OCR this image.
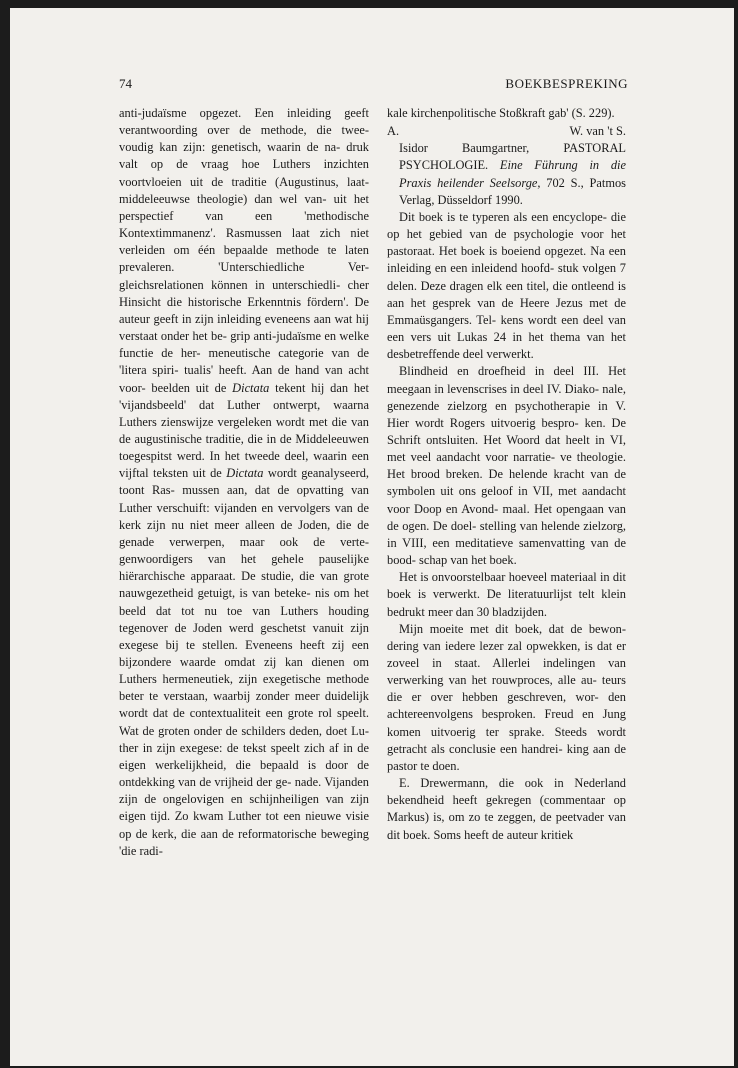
74	BOEKBESPREKING

anti-judaïsme opgezet. Een inleiding geeft verantwoording over de methode, die twee- voudig kan zijn: genetisch, waarin de na- druk valt op de vraag hoe Luthers inzichten voortvloeien uit de traditie (Augustinus, laat-middeleeuwse theologie) dan wel van- uit het perspectief van een 'methodische Kontextimmanenz'. Rasmussen laat zich niet verleiden om één bepaalde methode te laten prevaleren. 'Unterschiedliche Ver- gleichsrelationen können in unterschiedli- cher Hinsicht die historische Erkenntnis fördern'. De auteur geeft in zijn inleiding eveneens aan wat hij verstaat onder het be- grip anti-judaïsme en welke functie de her- meneutische categorie van de 'litera spiri- tualis' heeft. Aan de hand van acht voor- beelden uit de Dictata tekent hij dan het 'vijandsbeeld' dat Luther ontwerpt, waarna Luthers zienswijze vergeleken wordt met die van de augustinische traditie, die in de Middeleeuwen toegespitst werd. In het tweede deel, waarin een vijftal teksten uit de Dictata wordt geanalyseerd, toont Ras- mussen aan, dat de opvatting van Luther verschuift: vijanden en vervolgers van de kerk zijn nu niet meer alleen de Joden, die de genade verwerpen, maar ook de verte- genwoordigers van het gehele pauselijke hiërarchische apparaat. De studie, die van grote nauwgezetheid getuigt, is van beteke- nis om het beeld dat tot nu toe van Luthers houding tegenover de Joden werd geschetst vanuit zijn exegese bij te stellen. Eveneens heeft zij een bijzondere waarde omdat zij kan dienen om Luthers hermeneutiek, zijn exegetische methode beter te verstaan, waarbij zonder meer duidelijk wordt dat de contextualiteit een grote rol speelt. Wat de groten onder de schilders deden, doet Lu- ther in zijn exegese: de tekst speelt zich af in de eigen werkelijkheid, die bepaald is door de ontdekking van de vrijheid der ge- nade. Vijanden zijn de ongelovigen en schijnheiligen van zijn eigen tijd. Zo kwam Luther tot een nieuwe visie op de kerk, die aan de reformatorische beweging 'die radi-

kale kirchenpolitische Stoßkraft gab' (S. 229).

A.	W. van 't S.

Isidor Baumgartner, PASTORAL PSYCHOLOGIE. Eine Führung in die Praxis heilender Seelsorge, 702 S., Patmos Verlag, Düsseldorf 1990.

Dit boek is te typeren als een encyclope- die op het gebied van de psychologie voor het pastoraat. Het boek is boeiend opgezet. Na een inleiding en een inleidend hoofd- stuk volgen 7 delen. Deze dragen elk een titel, die ontleend is aan het gesprek van de Heere Jezus met de Emmaüsgangers. Tel- kens wordt een deel van een vers uit Lukas 24 in het thema van het desbetreffende deel verwerkt.

Blindheid en droefheid in deel III. Het meegaan in levenscrises in deel IV. Diako- nale, genezende zielzorg en psychotherapie in V. Hier wordt Rogers uitvoerig bespro- ken. De Schrift ontsluiten. Het Woord dat heelt in VI, met veel aandacht voor narratie- ve theologie. Het brood breken. De helende kracht van de symbolen uit ons geloof in VII, met aandacht voor Doop en Avond- maal. Het opengaan van de ogen. De doel- stelling van helende zielzorg, in VIII, een meditatieve samenvatting van de bood- schap van het boek.

Het is onvoorstelbaar hoeveel materiaal in dit boek is verwerkt. De literatuurlijst telt klein bedrukt meer dan 30 bladzijden.

Mijn moeite met dit boek, dat de bewon- dering van iedere lezer zal opwekken, is dat er zoveel in staat. Allerlei indelingen van verwerking van het rouwproces, alle au- teurs die er over hebben geschreven, wor- den achtereenvolgens besproken. Freud en Jung komen uitvoerig ter sprake. Steeds wordt getracht als conclusie een handrei- king aan de pastor te doen.

E. Drewermann, die ook in Nederland bekendheid heeft gekregen (commentaar op Markus) is, om zo te zeggen, de peetvader van dit boek. Soms heeft de auteur kritiek
